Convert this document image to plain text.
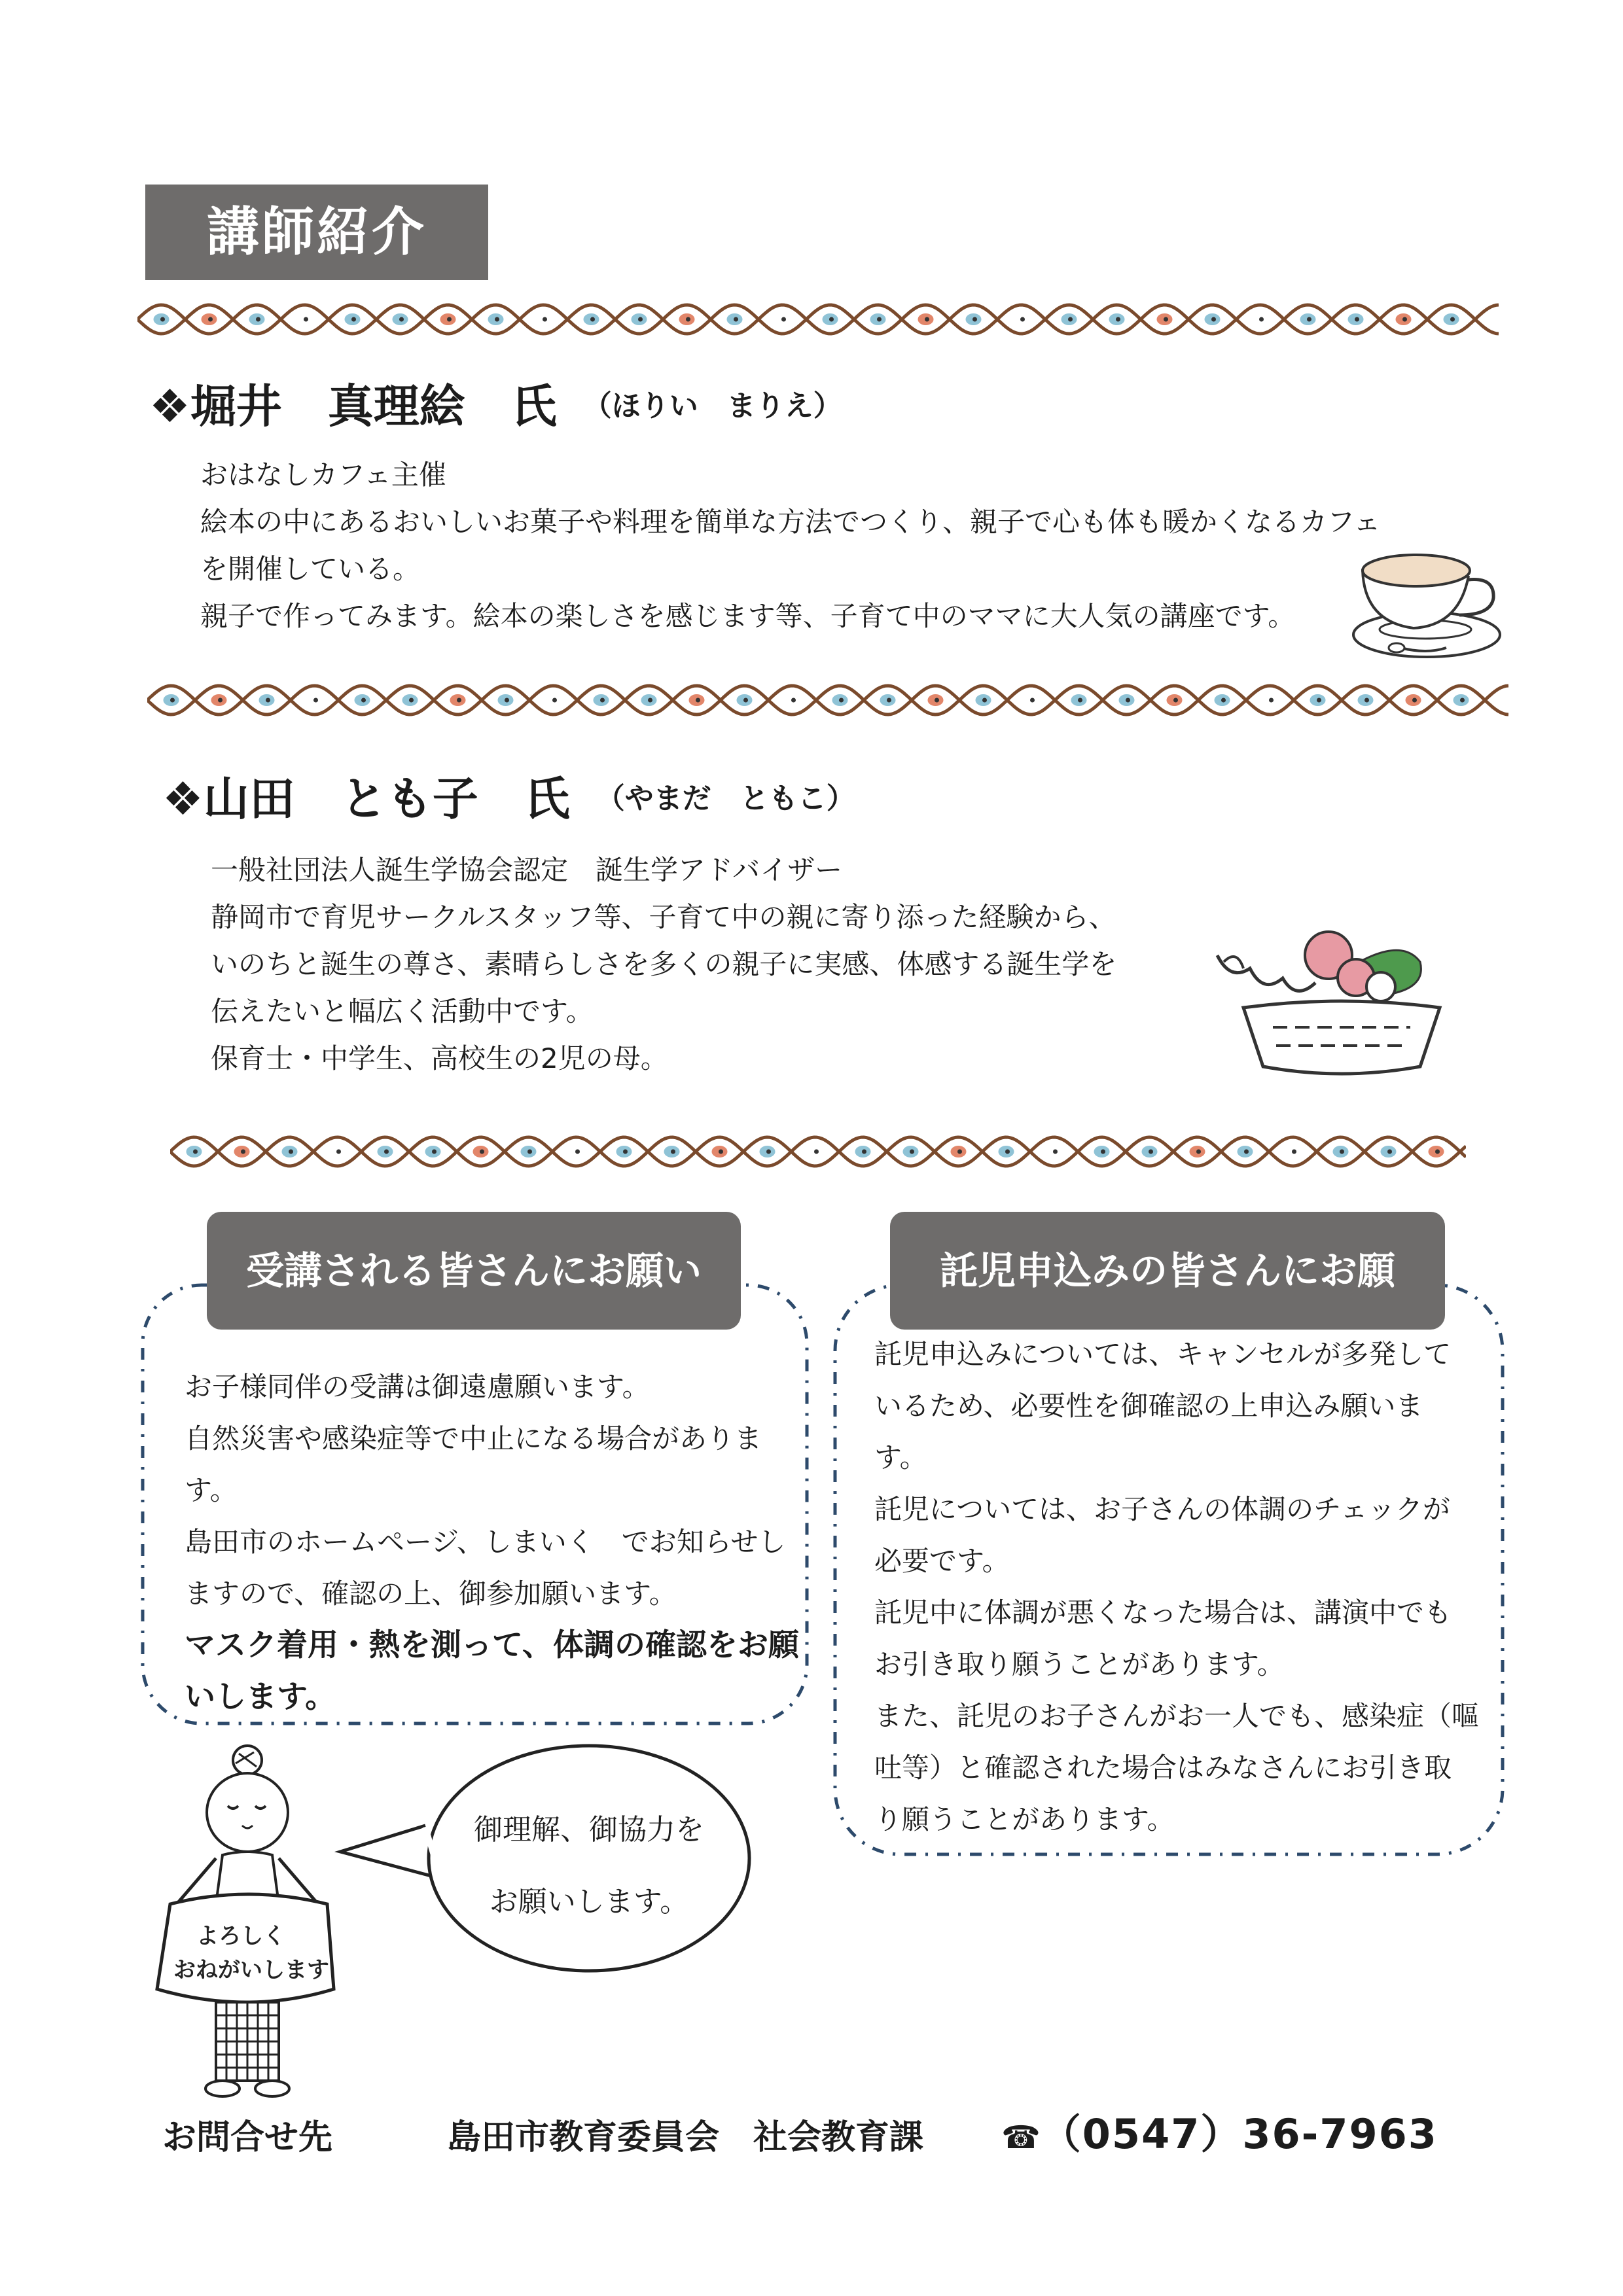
講師紹介
❖堀井　真理絵　氏 （ほりい　まりえ）
おはなしカフェ主催
絵本の中にあるおいしいお菓子や料理を簡単な方法でつくり、親子で心も体も暖かくなるカフェ
を開催している。
親子で作ってみます。絵本の楽しさを感じます等、子育て中のママに大人気の講座です。
❖山田　とも子　氏 （やまだ　ともこ）
一般社団法人誕生学協会認定　誕生学アドバイザー
静岡市で育児サークルスタッフ等、子育て中の親に寄り添った経験から、
いのちと誕生の尊さ、素晴らしさを多くの親子に実感、体感する誕生学を
伝えたいと幅広く活動中です。
保育士・中学生、高校生の2児の母。
受講される皆さんにお願い
お子様同伴の受講は御遠慮願います。
自然災害や感染症等で中止になる場合がありま
す。
島田市のホームページ、しまいく　でお知らせし
ますので、確認の上、御参加願います。
マスク着用・熱を測って、体調の確認をお願
いします。
託児申込みの皆さんにお願
託児申込みについては、キャンセルが多発して
いるため、必要性を御確認の上申込み願いま
す。
託児については、お子さんの体調のチェックが
必要です。
託児中に体調が悪くなった場合は、講演中でも
お引き取り願うことがあります。
また、託児のお子さんがお一人でも、感染症（嘔
吐等）と確認された場合はみなさんにお引き取
り願うことがあります。
よろしく
おねがいします
御理解、御協力を
お願いします。
お問合せ先	島田市教育委員会　社会教育課 ☎（0547）36-7963
